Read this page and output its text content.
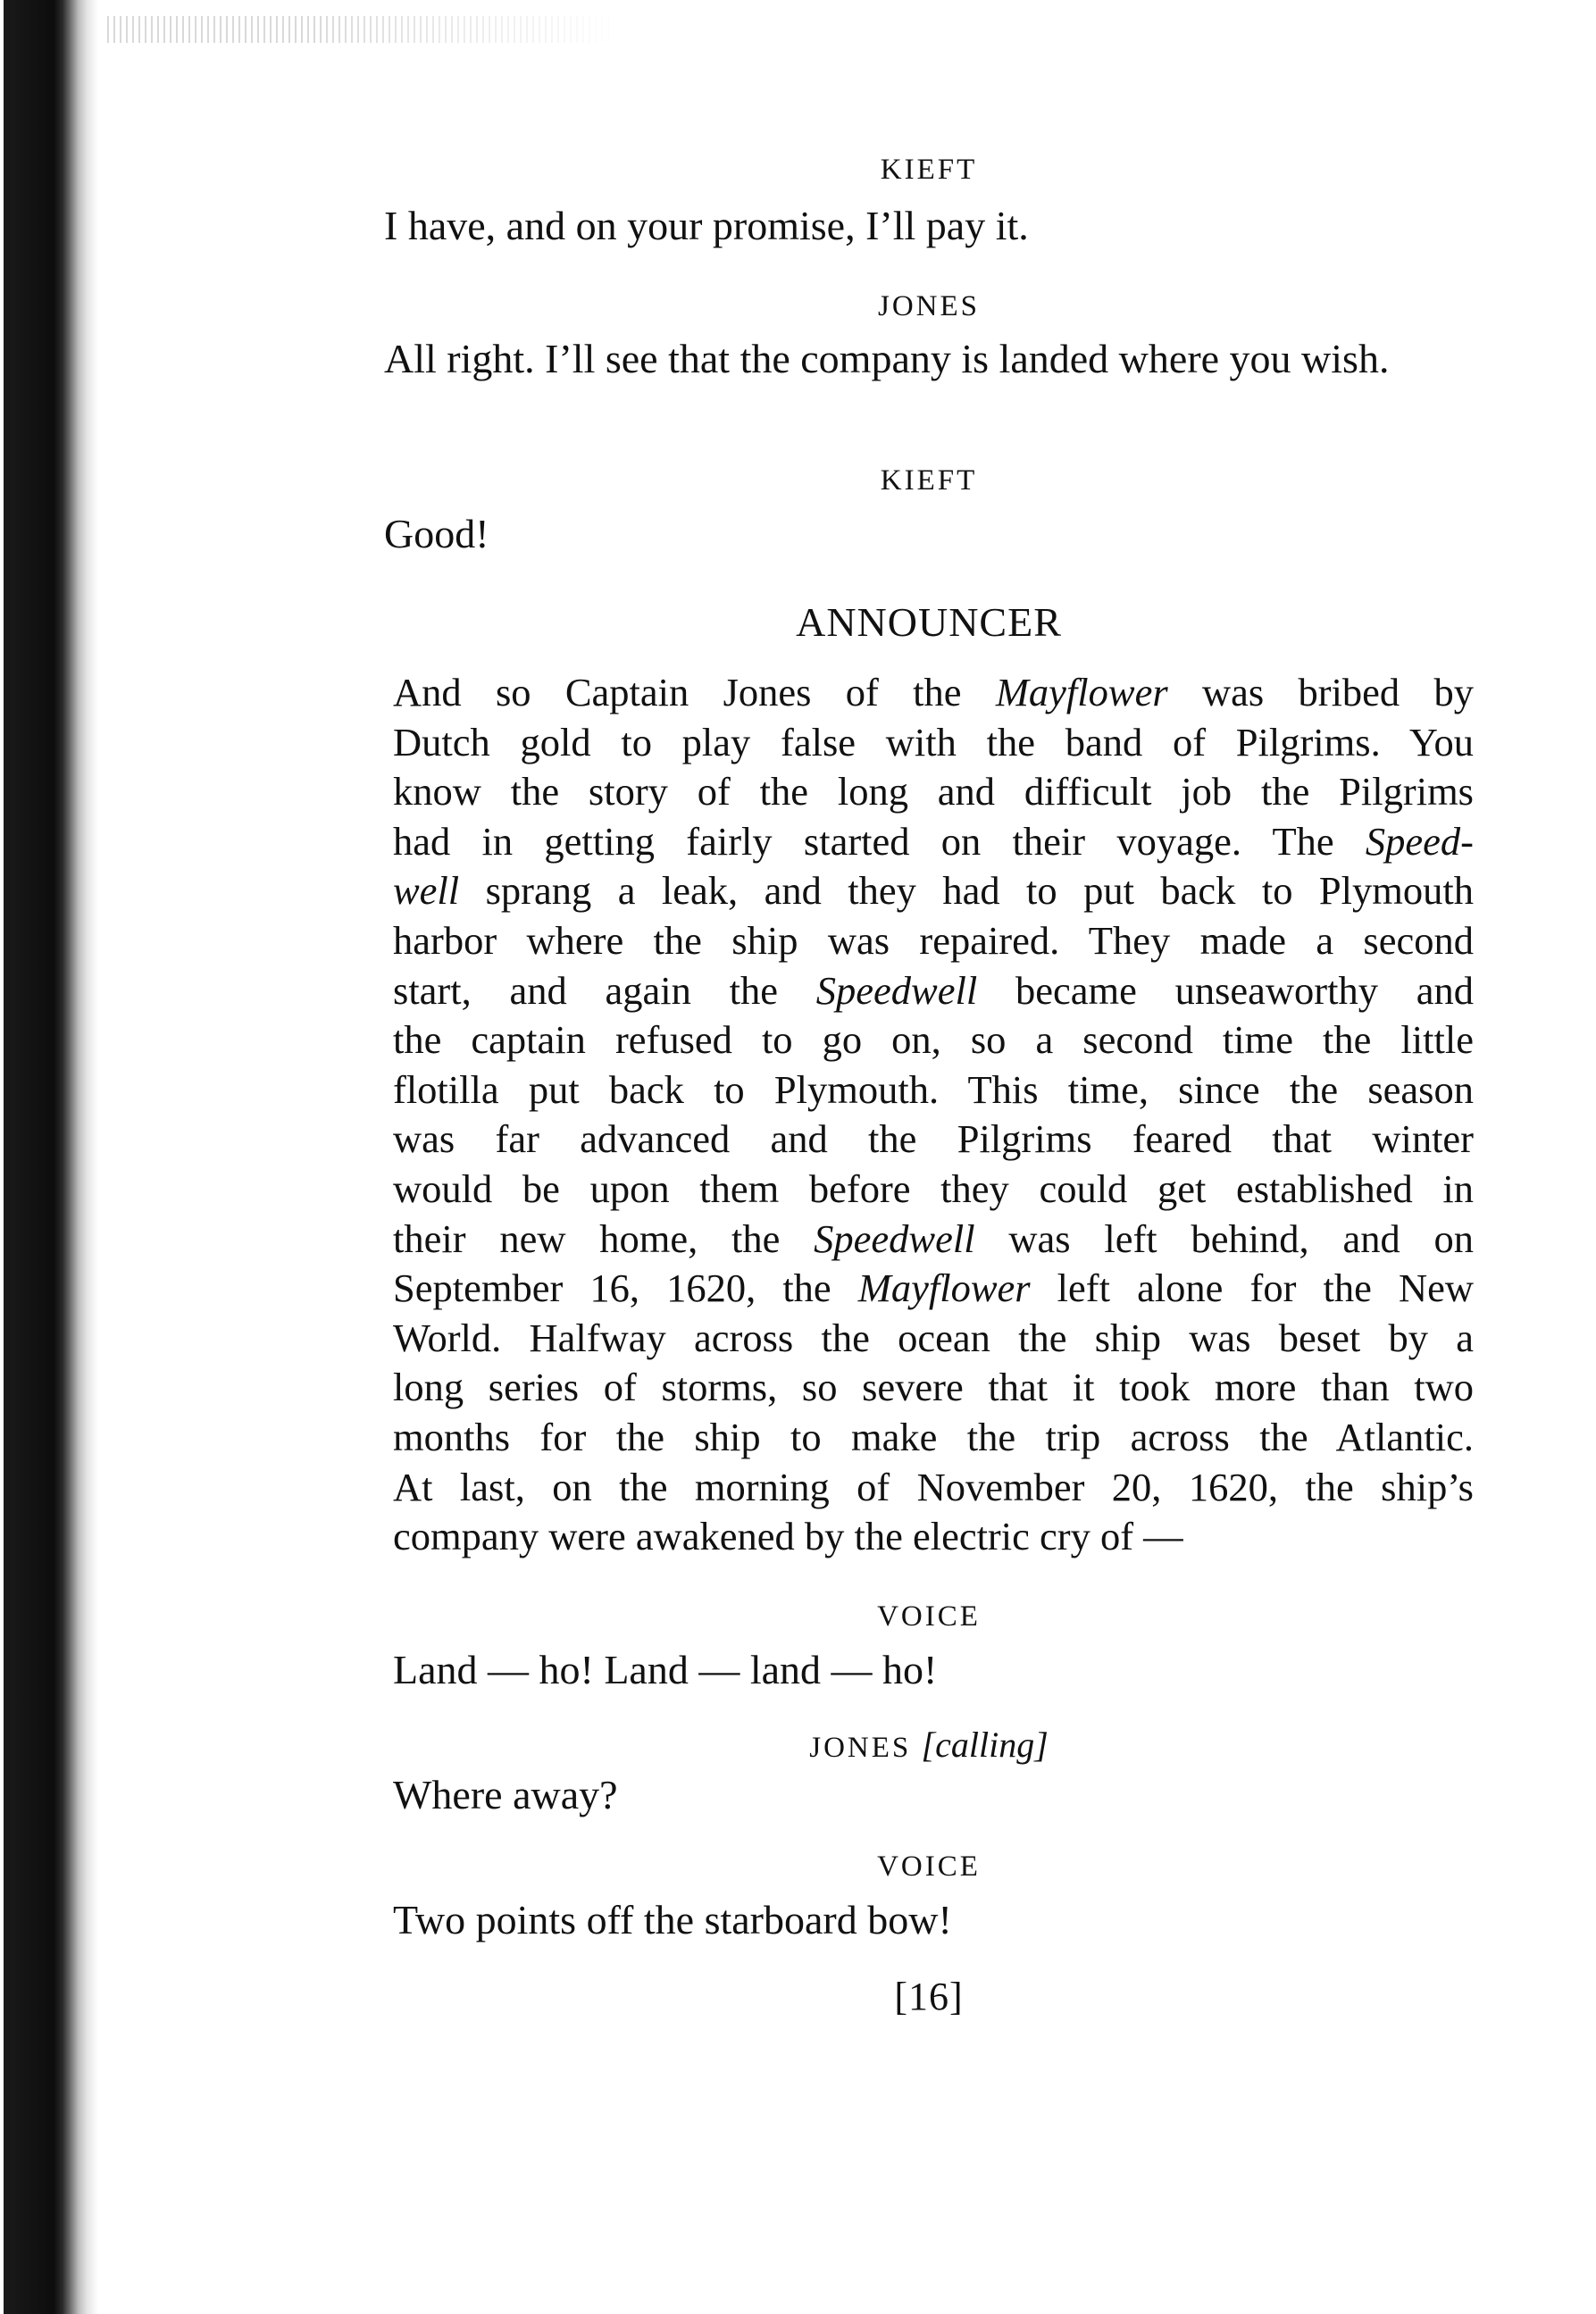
KIEFT
I have, and on your promise, I’ll pay it.
JONES
All right. I’ll see that the company is landed where you wish.
KIEFT
Good!
ANNOUNCER
And so Captain Jones of the Mayflower was bribed by
Dutch gold to play false with the band of Pilgrims. You
know the story of the long and difficult job the Pilgrims
had in getting fairly started on their voyage. The Speed-
well sprang a leak, and they had to put back to Plymouth
harbor where the ship was repaired. They made a second
start, and again the Speedwell became unseaworthy and
the captain refused to go on, so a second time the little
flotilla put back to Plymouth. This time, since the season
was far advanced and the Pilgrims feared that winter
would be upon them before they could get established in
their new home, the Speedwell was left behind, and on
September 16, 1620, the Mayflower left alone for the New
World. Halfway across the ocean the ship was beset by a
long series of storms, so severe that it took more than two
months for the ship to make the trip across the Atlantic.
At last, on the morning of November 20, 1620, the ship’s
company were awakened by the electric cry of —
VOICE
Land — ho! Land — land — ho!
JONES [calling]
Where away?
VOICE
Two points off the starboard bow!
[16]
